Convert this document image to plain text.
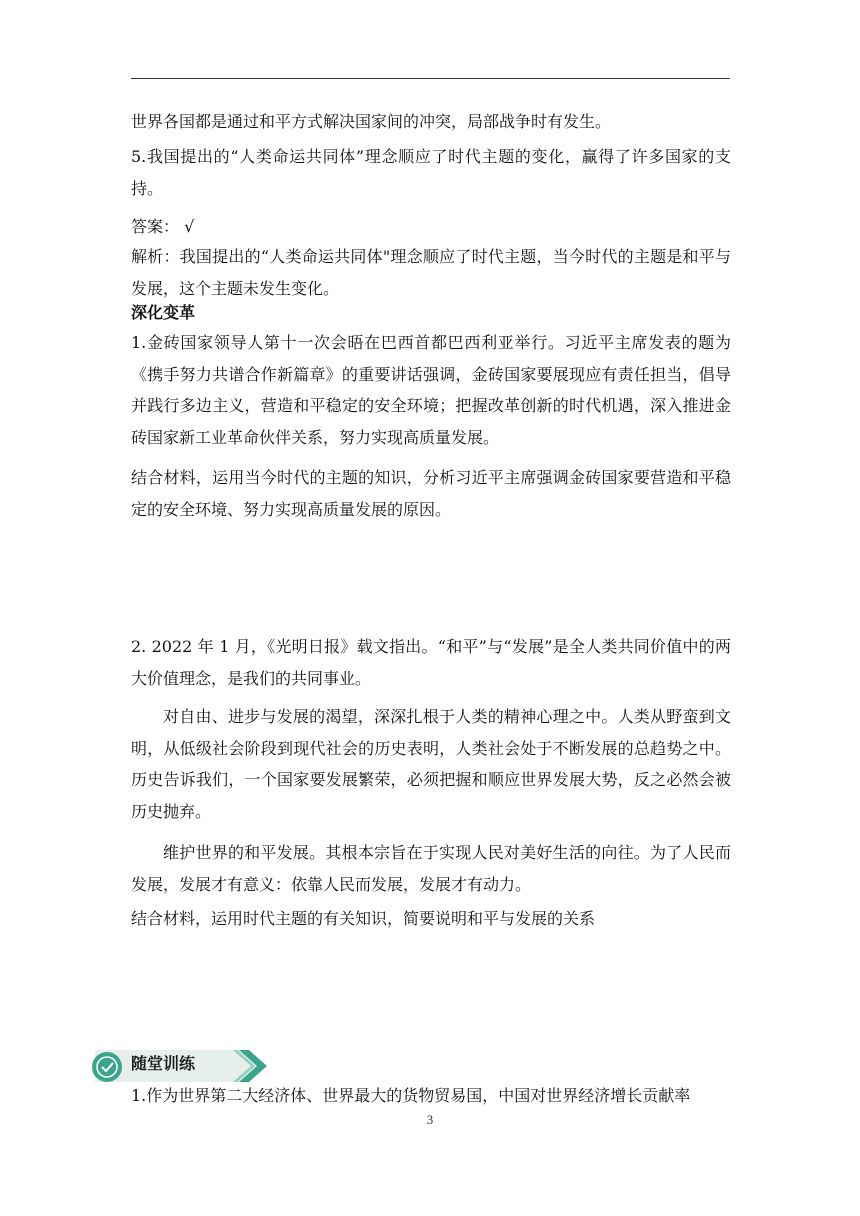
世界各国都是通过和平方式解决国家间的冲突，局部战争时有发生。

5.我国提出的“人类命运共同体”理念顺应了时代主题的变化，赢得了许多国家的支持。

答案： √

解析：我国提出的“人类命运共同体"理念顺应了时代主题，当今时代的主题是和平与发展，这个主题未发生变化。

深化变革

1.金砖国家领导人第十一次会晤在巴西首都巴西利亚举行。习近平主席发表的题为《携手努力共谱合作新篇章》的重要讲话强调，金砖国家要展现应有责任担当，倡导并践行多边主义，营造和平稳定的安全环境；把握改革创新的时代机遇，深入推进金砖国家新工业革命伙伴关系，努力实现高质量发展。

结合材料，运用当今时代的主题的知识，分析习近平主席强调金砖国家要营造和平稳定的安全环境、努力实现高质量发展的原因。

2. 2022 年 1 月，《光明日报》载文指出。“和平”与“发展”是全人类共同价值中的两大价值理念，是我们的共同事业。

对自由、进步与发展的渴望，深深扎根于人类的精神心理之中。人类从野蛮到文明，从低级社会阶段到现代社会的历史表明，人类社会处于不断发展的总趋势之中。历史告诉我们，一个国家要发展繁荣，必须把握和顺应世界发展大势，反之必然会被历史抛弃。

维护世界的和平发展。其根本宗旨在于实现人民对美好生活的向往。为了人民而发展，发展才有意义：依靠人民而发展，发展才有动力。

结合材料，运用时代主题的有关知识，简要说明和平与发展的关系

随堂训练

1.作为世界第二大经济体、世界最大的货物贸易国，中国对世界经济增长贡献率

3
